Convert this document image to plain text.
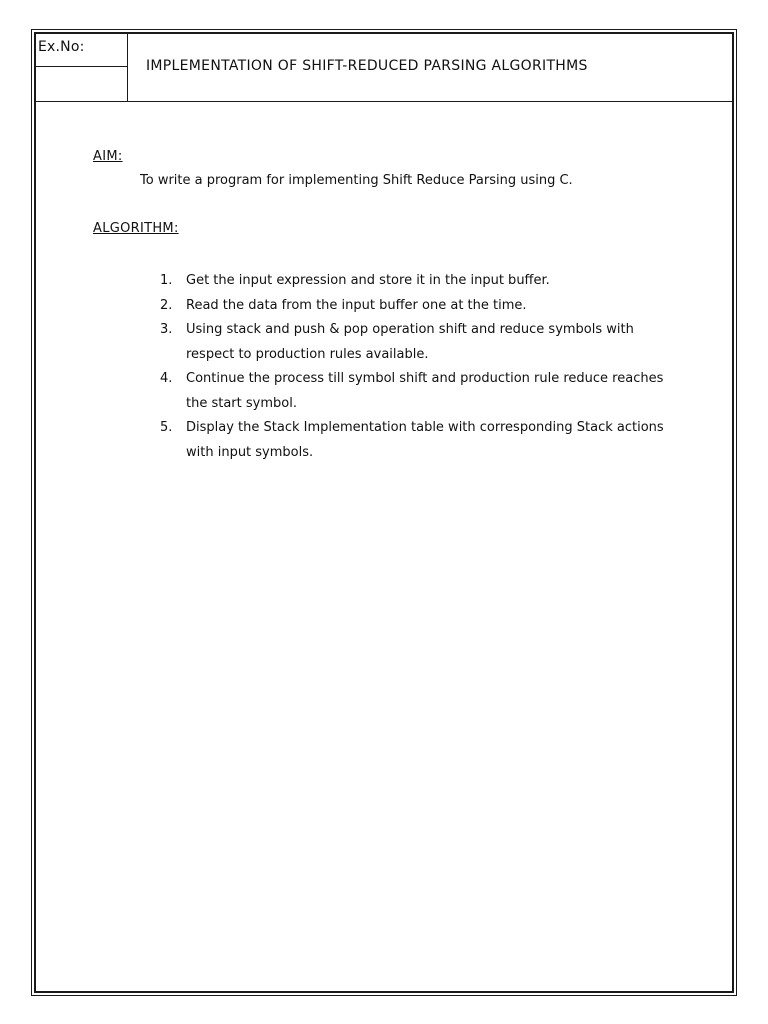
Ex.No:
IMPLEMENTATION OF SHIFT-REDUCED PARSING ALGORITHMS
AIM:

To write a program for implementing Shift Reduce Parsing using C.

ALGORITHM:
1. Get the input expression and store it in the input buffer.
2. Read the data from the input buffer one at the time.
3. Using stack and push & pop operation shift and reduce symbols with respect to production rules available.
4. Continue the process till symbol shift and production rule reduce reaches the start symbol.
5. Display the Stack Implementation table with corresponding Stack actions with input symbols.
